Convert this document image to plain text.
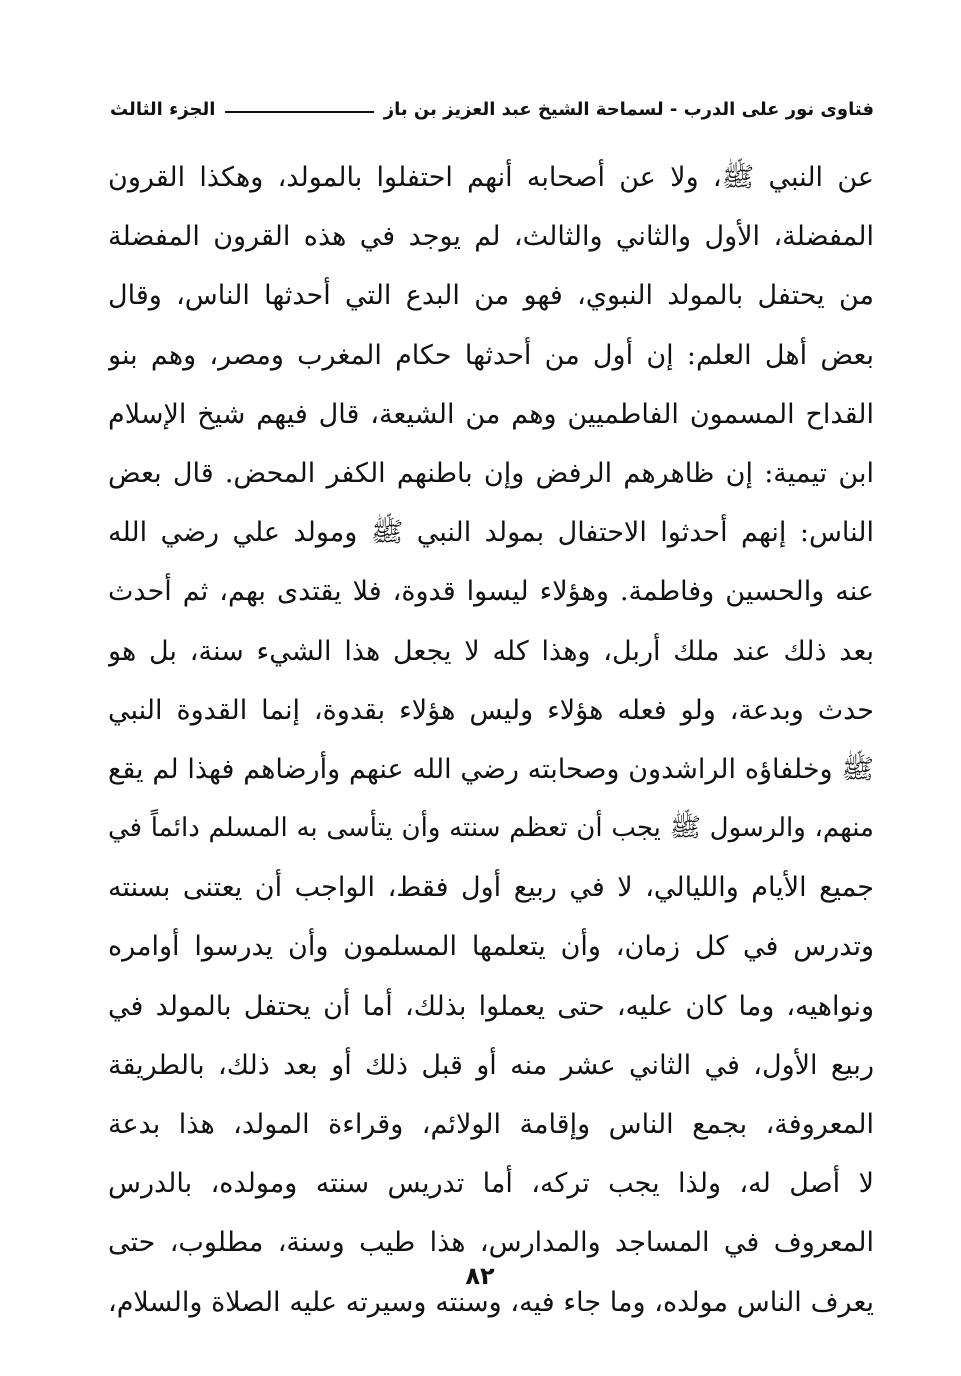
فتاوى نور على الدرب - لسماحة الشيخ عبد العزيز بن باز
الجزء الثالث
عن النبي ﷺ، ولا عن أصحابه أنهم احتفلوا بالمولد، وهكذا القرون
المفضلة، الأول والثاني والثالث، لم يوجد في هذه القرون المفضلة
من يحتفل بالمولد النبوي، فهو من البدع التي أحدثها الناس، وقال
بعض أهل العلم: إن أول من أحدثها حكام المغرب ومصر، وهم بنو
القداح المسمون الفاطميين وهم من الشيعة، قال فيهم شيخ الإسلام
ابن تيمية: إن ظاهرهم الرفض وإن باطنهم الكفر المحض. قال بعض
الناس: إنهم أحدثوا الاحتفال بمولد النبي ﷺ ومولد علي رضي الله
عنه والحسين وفاطمة. وهؤلاء ليسوا قدوة، فلا يقتدى بهم، ثم أحدث
بعد ذلك عند ملك أربل، وهذا كله لا يجعل هذا الشيء سنة، بل هو
حدث وبدعة، ولو فعله هؤلاء وليس هؤلاء بقدوة، إنما القدوة النبي
ﷺ وخلفاؤه الراشدون وصحابته رضي الله عنهم وأرضاهم فهذا لم يقع
منهم، والرسول ﷺ يجب أن تعظم سنته وأن يتأسى به المسلم دائماً في
جميع الأيام والليالي، لا في ربيع أول فقط، الواجب أن يعتنى بسنته
وتدرس في كل زمان، وأن يتعلمها المسلمون وأن يدرسوا أوامره
ونواهيه، وما كان عليه، حتى يعملوا بذلك، أما أن يحتفل بالمولد في
ربيع الأول، في الثاني عشر منه أو قبل ذلك أو بعد ذلك، بالطريقة
المعروفة، بجمع الناس وإقامة الولائم، وقراءة المولد، هذا بدعة
لا أصل له، ولذا يجب تركه، أما تدريس سنته ومولده، بالدرس
المعروف في المساجد والمدارس، هذا طيب وسنة، مطلوب، حتى
يعرف الناس مولده، وما جاء فيه، وسنته وسيرته عليه الصلاة والسلام،
٨٢
